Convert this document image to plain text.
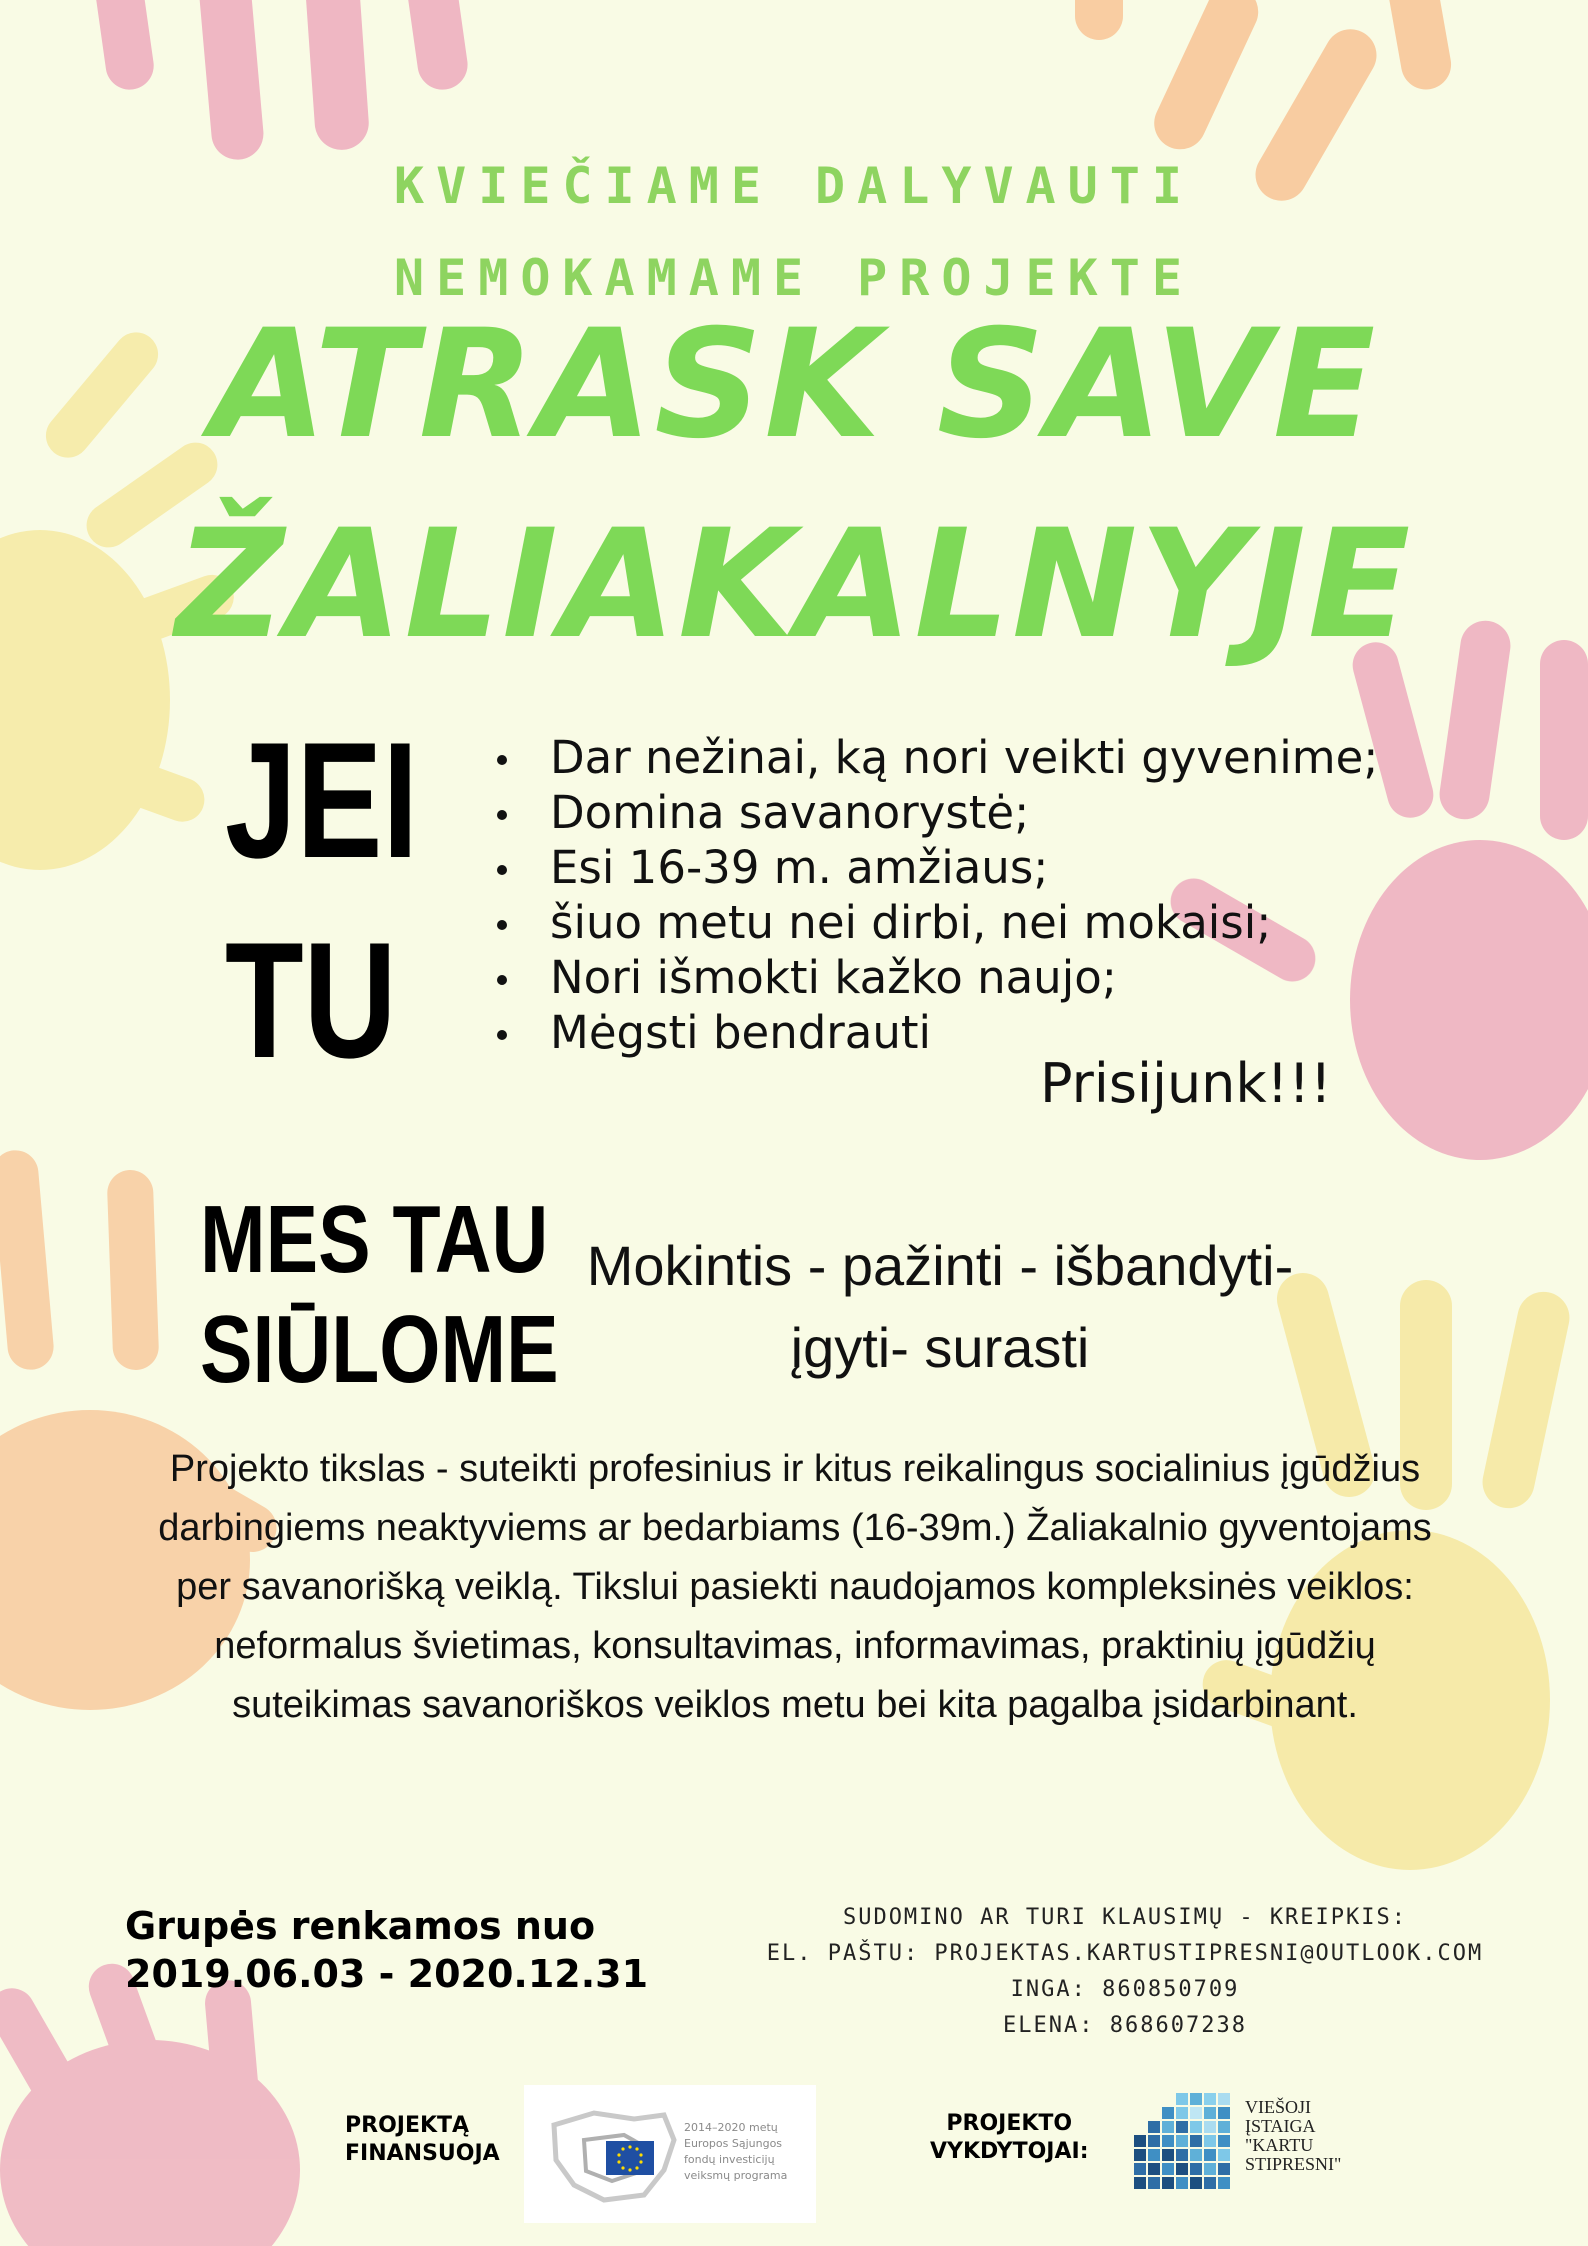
KVIEČIAME DALYVAUTI
NEMOKAMAME PROJEKTE
ATRASK SAVE
ŽALIAKALNYJE
JEI
TU
Dar nežinai, ką nori veikti gyvenime;
Domina savanorystė;
Esi 16-39 m. amžiaus;
šiuo metu nei dirbi, nei mokaisi;
Nori išmokti kažko naujo;
Mėgsti bendrauti
Prisijunk!!!
MES TAU
SIŪLOME
Mokintis - pažinti - išbandyti-
įgyti- surasti
Projekto tikslas - suteikti profesinius ir kitus reikalingus socialinius įgūdžius darbingiems neaktyviems ar bedarbiams (16-39m.) Žaliakalnio gyventojams per savanorišką veiklą. Tikslui pasiekti naudojamos kompleksinės veiklos: neformalus švietimas, konsultavimas, informavimas, praktinių įgūdžių suteikimas savanoriškos veiklos metu bei kita pagalba įsidarbinant.
Grupės renkamos nuo
2019.06.03 - 2020.12.31
SUDOMINO AR TURI KLAUSIMŲ - KREIPKIS:
EL. PAŠTU: PROJEKTAS.KARTUSTIPRESNI@OUTLOOK.COM
INGA: 860850709
ELENA: 868607238
PROJEKTĄ
FINANSUOJA
2014–2020 metų
Europos Sąjungos
fondų investicijų
veiksmų programa
PROJEKTO
VYKDYTOJAI:
VIEŠOJI
ĮSTAIGA
"KARTU
STIPRESNI"
